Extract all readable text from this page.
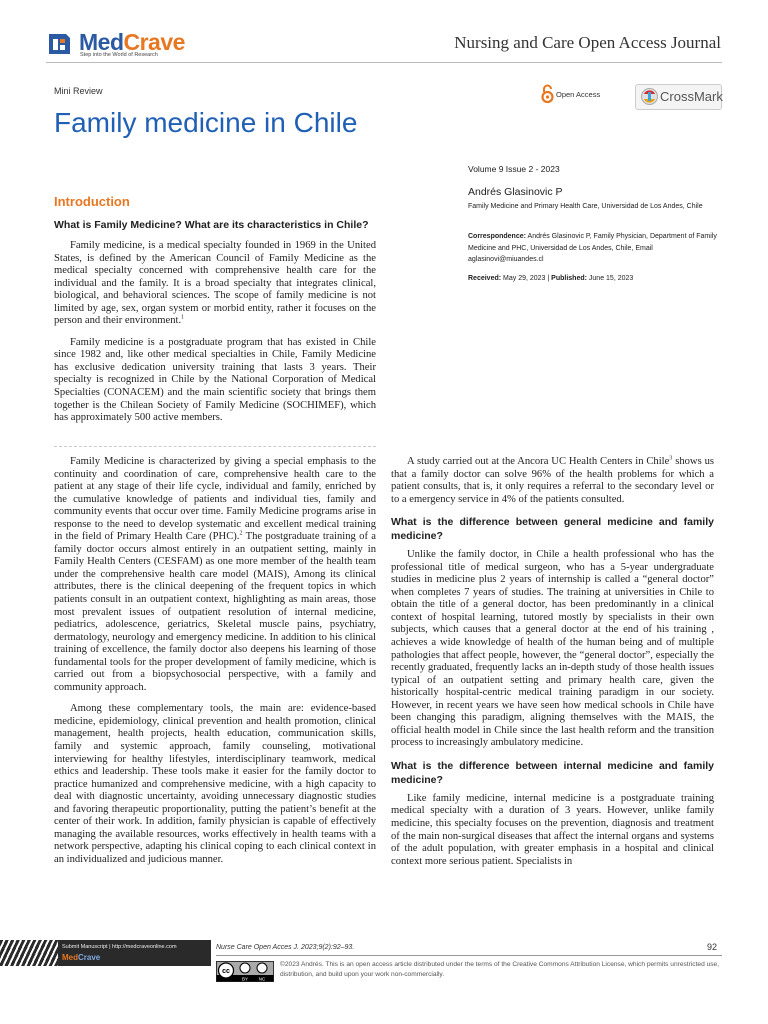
MedCrave
Step into the World of Research
Nursing and Care Open Access Journal
Mini Review	Open Access	CrossMark
Family medicine in Chile
Volume 9 Issue 2 - 2023
Andrés Glasinovic P
Family Medicine and Primary Health Care, Universidad de Los Andes, Chile
Correspondence: Andrés Glasinovic P, Family Physician, Department of Family Medicine and PHC, Universidad de Los Andes, Chile, Email aglasinovi@miuandes.cl
Received: May 29, 2023 | Published: June 15, 2023
Introduction
What is Family Medicine? What are its characteristics in Chile?

Family medicine, is a medical specialty founded in 1969 in the United States, is defined by the American Council of Family Medicine as the medical specialty concerned with comprehensive health care for the individual and the family. It is a broad specialty that integrates clinical, biological, and behavioral sciences. The scope of family medicine is not limited by age, sex, organ system or morbid entity, rather it focuses on the person and their environment.$^1$

Family medicine is a postgraduate program that has existed in Chile since 1982 and, like other medical specialties in Chile, Family Medicine has exclusive dedication university training that lasts 3 years. Their specialty is recognized in Chile by the National Corporation of Medical Specialties (CONACEM) and the main scientific society that brings them together is the Chilean Society of Family Medicine (SOCHIMEF), which has approximately 500 active members.

Family Medicine is characterized by giving a special emphasis to the continuity and coordination of care, comprehensive health care to the patient at any stage of their life cycle, individual and family, enriched by the cumulative knowledge of patients and individual ties, family and community events that occur over time. Family Medicine programs arise in response to the need to develop systematic and excellent medical training in the field of Primary Health Care (PHC).$^2$ The postgraduate training of a family doctor occurs almost entirely in an outpatient setting, mainly in Family Health Centers (CESFAM) as one more member of the health team under the comprehensive health care model (MAIS), Among its clinical attributes, there is the clinical deepening of the frequent topics in which patients consult in an outpatient context, highlighting as main areas, those most prevalent issues of outpatient resolution of internal medicine, pediatrics, adolescence, geriatrics, Skeletal muscle pains, psychiatry, dermatology, neurology and emergency medicine. In addition to his clinical training of excellence, the family doctor also deepens his learning of those fundamental tools for the proper development of family medicine, which is carried out from a biopsychosocial perspective, with a family and community approach.

Among these complementary tools, the main are: evidence-based medicine, epidemiology, clinical prevention and health promotion, clinical management, health projects, health education, communication skills, family and systemic approach, family counseling, motivational interviewing for healthy lifestyles, interdisciplinary teamwork, medical ethics and leadership. These tools make it easier for the family doctor to practice humanized and comprehensive medicine, with a high capacity to deal with diagnostic uncertainty, avoiding unnecessary diagnostic studies and favoring therapeutic proportionality, putting the patient’s benefit at the center of their work. In addition, family physician is capable of effectively managing the available resources, works effectively in health teams with a network perspective, adapting his clinical coping to each clinical context in an individualized and judicious manner.

A study carried out at the Ancora UC Health Centers in Chile$^3$ shows us that a family doctor can solve 96% of the health problems for which a patient consults, that is, it only requires a referral to the secondary level or to a emergency service in 4% of the patients consulted.

What is the difference between general medicine and family medicine?

Unlike the family doctor, in Chile a health professional who has the professional title of medical surgeon, who has a 5-year undergraduate studies in medicine plus 2 years of internship is called a “general doctor” when completes 7 years of studies. The training at universities in Chile to obtain the title of a general doctor, has been predominantly in a clinical context of hospital learning, tutored mostly by specialists in their own subjects, which causes that a general doctor at the end of his training , achieves a wide knowledge of health of the human being and of multiple pathologies that affect people, however, the “general doctor”, especially the recently graduated, frequently lacks an in-depth study of those health issues typical of an outpatient setting and primary health care, given the historically hospital-centric medical training paradigm in our society. However, in recent years we have seen how medical schools in Chile have been changing this paradigm, aligning themselves with the MAIS, the official health model in Chile since the last health reform and the transition process to increasingly ambulatory medicine.

What is the difference between internal medicine and family medicine?

Like family medicine, internal medicine is a postgraduate training medical specialty with a duration of 3 years. However, unlike family medicine, this specialty focuses on the prevention, diagnosis and treatment of the main non-surgical diseases that affect the internal organs and systems of the adult population, with greater emphasis in a hospital and clinical context more serious patient. Specialists in

Submit Manuscript | http://medcraveonline.com
MedCrave
Nurse Care Open Acces J. 2023;9(2):92‒93.	92
cc
BY NC
©2023 Andrés. This is an open access article distributed under the terms of the Creative Commons Attribution License, which permits unrestricted use, distribution, and build upon your work non-commercially.
